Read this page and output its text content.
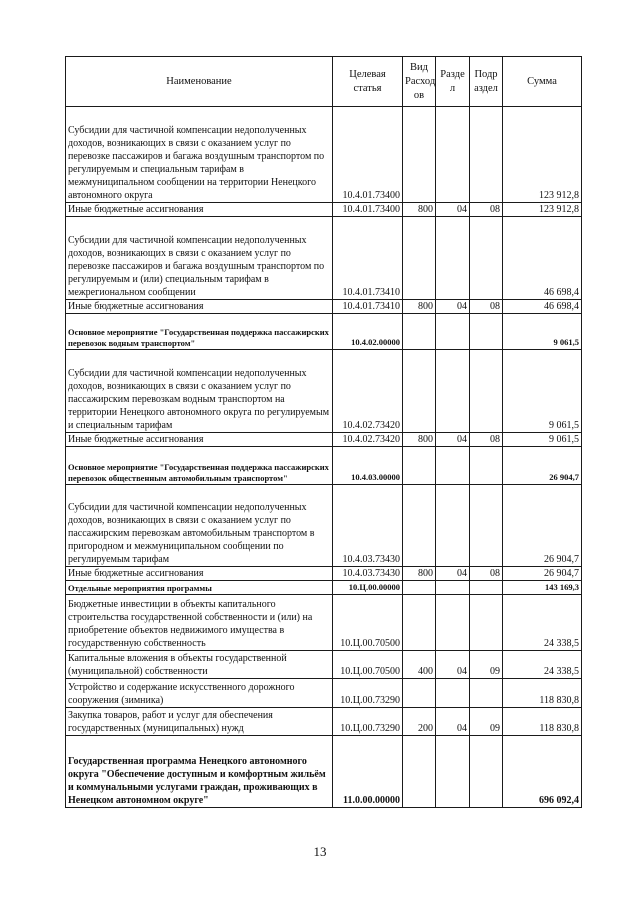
Наименование	Целевая статья	Вид Расход ов	Разде л	Подр аздел	Сумма
Субсидии для частичной компенсации недополученных доходов, возникающих в связи с оказанием услуг по перевозке пассажиров и багажа воздушным транспортом по регулируемым и специальным тарифам в межмуниципальном сообщении на территории Ненецкого автономного округа	10.4.01.73400				123 912,8
Иные бюджетные ассигнования	10.4.01.73400	800	04	08	123 912,8
Субсидии для частичной компенсации недополученных доходов, возникающих в связи с оказанием услуг по перевозке пассажиров и багажа воздушным транспортом по регулируемым и (или) специальным тарифам в межрегиональном сообщении	10.4.01.73410				46 698,4
Иные бюджетные ассигнования	10.4.01.73410	800	04	08	46 698,4
Основное мероприятие "Государственная поддержка пассажирских перевозок водным транспортом"	10.4.02.00000				9 061,5
Субсидии для частичной компенсации недополученных доходов, возникающих в связи с оказанием услуг по пассажирским перевозкам водным транспортом на территории Ненецкого автономного округа по регулируемым и специальным тарифам	10.4.02.73420				9 061,5
Иные бюджетные ассигнования	10.4.02.73420	800	04	08	9 061,5
Основное мероприятие "Государственная поддержка пассажирских перевозок общественным автомобильным транспортом"	10.4.03.00000				26 904,7
Субсидии для частичной компенсации недополученных доходов, возникающих в связи с оказанием услуг по пассажирским перевозкам автомобильным транспортом в пригородном и межмуниципальном сообщении по регулируемым тарифам	10.4.03.73430				26 904,7
Иные бюджетные ассигнования	10.4.03.73430	800	04	08	26 904,7
Отдельные мероприятия программы	10.Ц.00.00000				143 169,3
Бюджетные инвестиции в объекты капитального строительства государственной собственности и (или) на приобретение объектов недвижимого имущества в государственную собственность	10.Ц.00.70500				24 338,5
Капитальные вложения в объекты государственной (муниципальной) собственности	10.Ц.00.70500	400	04	09	24 338,5
Устройство и содержание искусственного дорожного сооружения (зимника)	10.Ц.00.73290				118 830,8
Закупка товаров, работ и услуг для обеспечения государственных (муниципальных) нужд	10.Ц.00.73290	200	04	09	118 830,8
Государственная программа Ненецкого автономного округа "Обеспечение доступным и комфортным жильём и коммунальными услугами граждан, проживающих в Ненецком автономном округе"	11.0.00.00000				696 092,4
13
